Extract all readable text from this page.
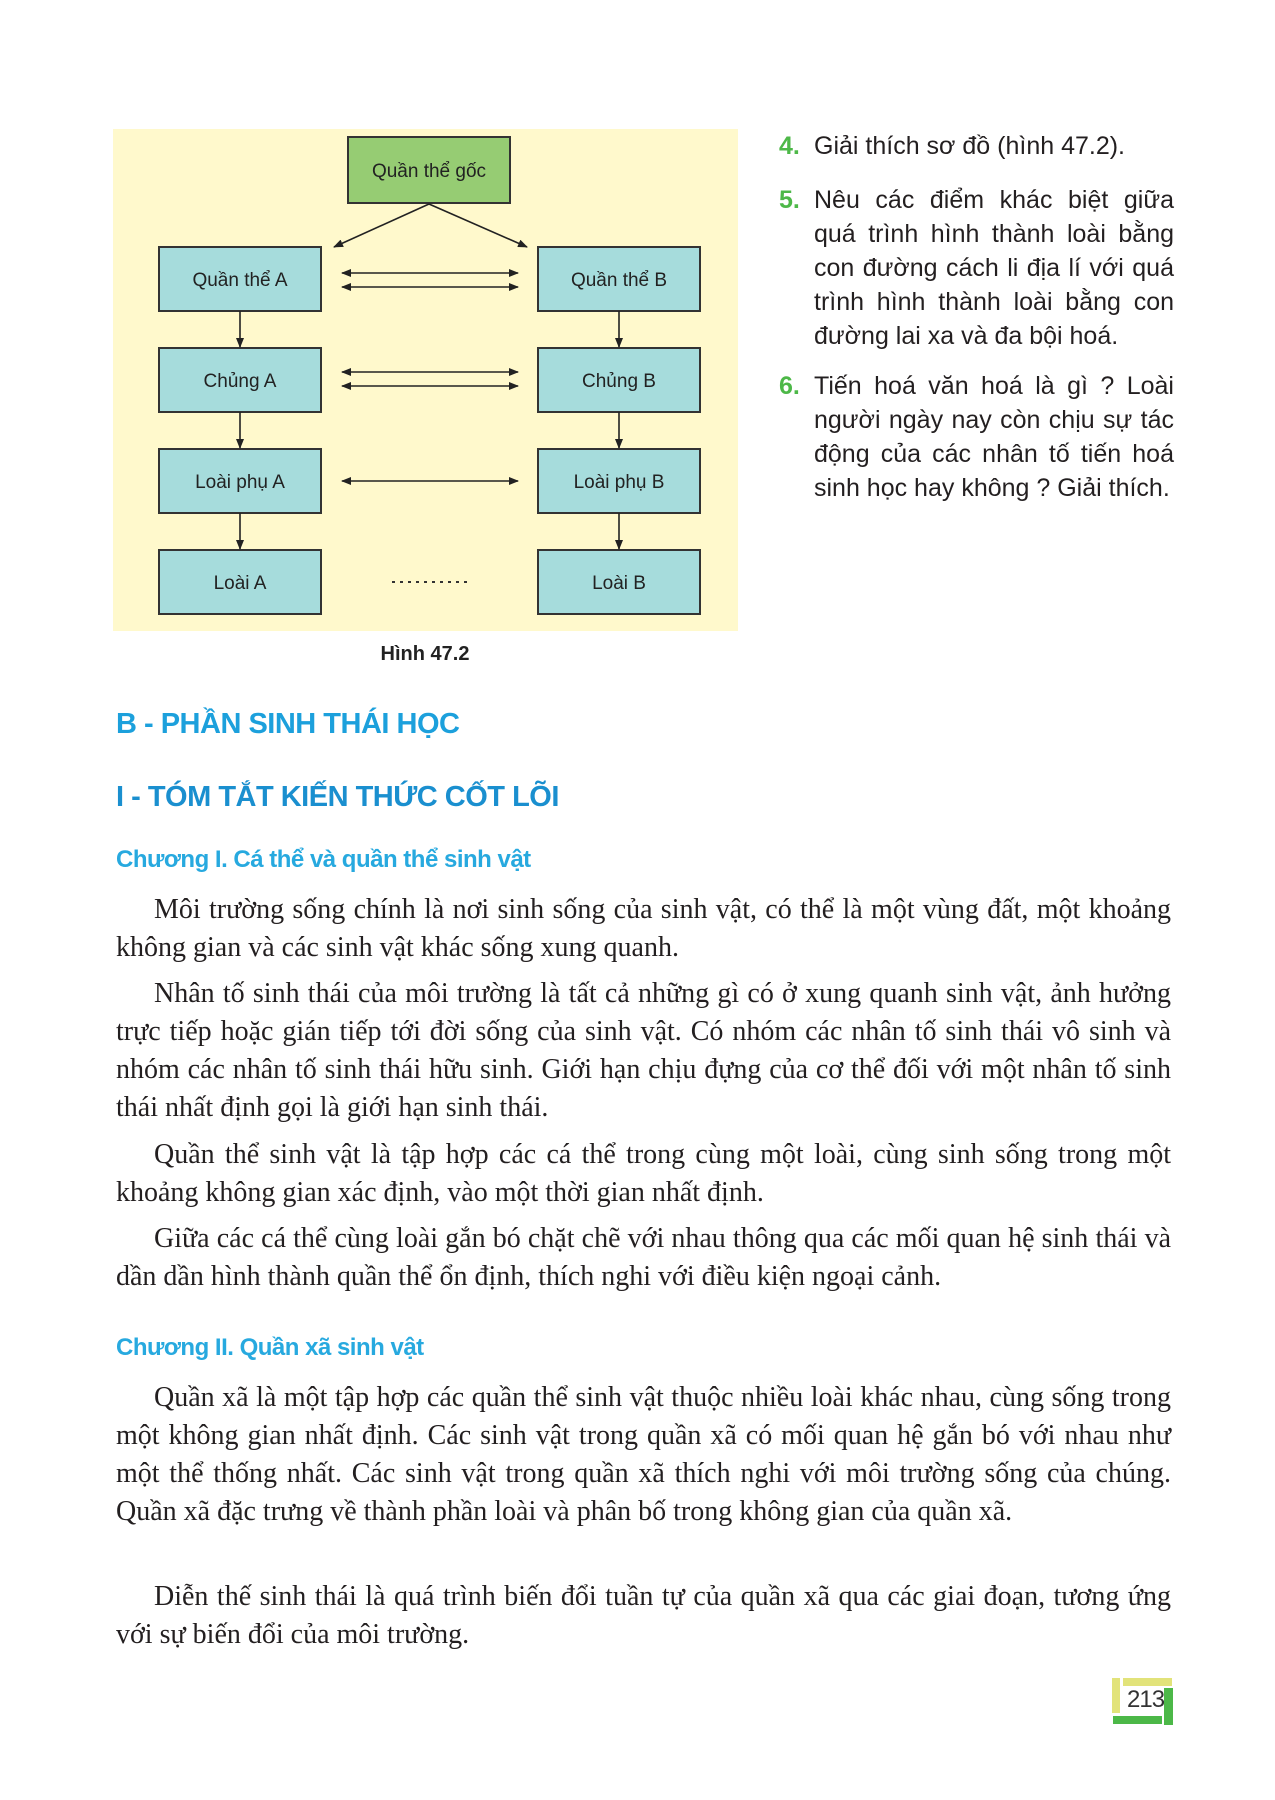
Quần thể gốc
Quần thể A
Chủng A
Loài phụ A
Loài A
Quần thể B
Chủng B
Loài phụ B
Loài B
Hình 47.2
4. Giải thích sơ đồ (hình 47.2).
5. Nêu các điểm khác biệt giữa quá trình hình thành loài bằng con đường cách li địa lí với quá trình hình thành loài bằng con đường lai xa và đa bội hoá.
6. Tiến hoá văn hoá là gì ? Loài người ngày nay còn chịu sự tác động của các nhân tố tiến hoá sinh học hay không ? Giải thích.
B - PHẦN SINH THÁI HỌC
I - TÓM TẮT KIẾN THỨC CỐT LÕI
Chương I. Cá thể và quần thể sinh vật

Môi trường sống chính là nơi sinh sống của sinh vật, có thể là một vùng đất, một khoảng không gian và các sinh vật khác sống xung quanh.

Nhân tố sinh thái của môi trường là tất cả những gì có ở xung quanh sinh vật, ảnh hưởng trực tiếp hoặc gián tiếp tới đời sống của sinh vật. Có nhóm các nhân tố sinh thái vô sinh và nhóm các nhân tố sinh thái hữu sinh. Giới hạn chịu đựng của cơ thể đối với một nhân tố sinh thái nhất định gọi là giới hạn sinh thái.

Quần thể sinh vật là tập hợp các cá thể trong cùng một loài, cùng sinh sống trong một khoảng không gian xác định, vào một thời gian nhất định.

Giữa các cá thể cùng loài gắn bó chặt chẽ với nhau thông qua các mối quan hệ sinh thái và dần dần hình thành quần thể ổn định, thích nghi với điều kiện ngoại cảnh.

Chương II. Quần xã sinh vật

Quần xã là một tập hợp các quần thể sinh vật thuộc nhiều loài khác nhau, cùng sống trong một không gian nhất định. Các sinh vật trong quần xã có mối quan hệ gắn bó với nhau như một thể thống nhất. Các sinh vật trong quần xã thích nghi với môi trường sống của chúng. Quần xã đặc trưng về thành phần loài và phân bố trong không gian của quần xã.

Diễn thế sinh thái là quá trình biến đổi tuần tự của quần xã qua các giai đoạn, tương ứng với sự biến đổi của môi trường.

213
